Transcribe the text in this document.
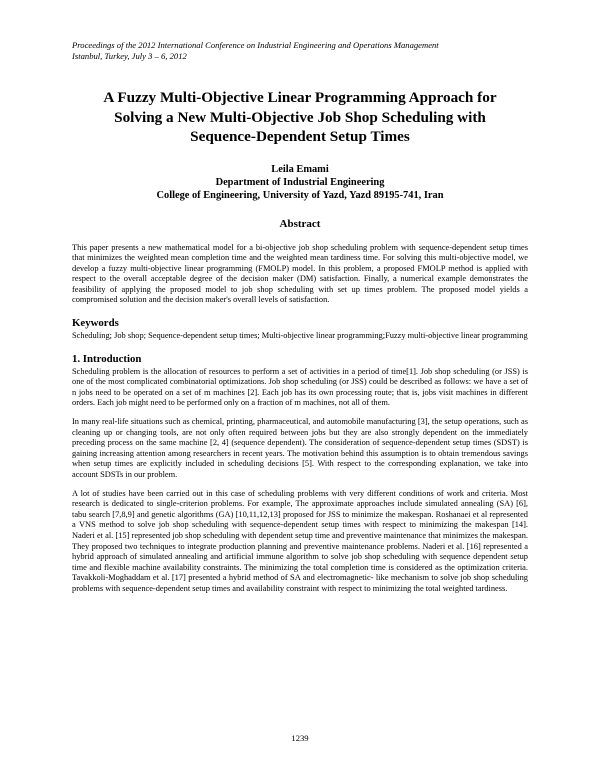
Proceedings of the 2012 International Conference on Industrial Engineering and Operations Management
Istanbul, Turkey, July 3 – 6, 2012
A Fuzzy Multi-Objective Linear Programming Approach for Solving a New Multi-Objective Job Shop Scheduling with Sequence-Dependent Setup Times
Leila Emami
Department of Industrial Engineering
College of Engineering, University of Yazd, Yazd 89195-741, Iran
Abstract

This paper presents a new mathematical model for a bi-objective job shop scheduling problem with sequence-dependent setup times that minimizes the weighted mean completion time and the weighted mean tardiness time. For solving this multi-objective model, we develop a fuzzy multi-objective linear programming (FMOLP) model. In this problem, a proposed FMOLP method is applied with respect to the overall acceptable degree of the decision maker (DM) satisfaction. Finally, a numerical example demonstrates the feasibility of applying the proposed model to job shop scheduling with set up times problem. The proposed model yields a compromised solution and the decision maker's overall levels of satisfaction.

Keywords

Scheduling; Job shop; Sequence-dependent setup times; Multi-objective linear programming;Fuzzy multi-objective linear programming

1. Introduction

Scheduling problem is the allocation of resources to perform a set of activities in a period of time[1]. Job shop scheduling (or JSS) is one of the most complicated combinatorial optimizations. Job shop scheduling (or JSS) could be described as follows: we have a set of n jobs need to be operated on a set of m machines [2]. Each job has its own processing route; that is, jobs visit machines in different orders. Each job might need to be performed only on a fraction of m machines, not all of them.

In many real-life situations such as chemical, printing, pharmaceutical, and automobile manufacturing [3], the setup operations, such as cleaning up or changing tools, are not only often required between jobs but they are also strongly dependent on the immediately preceding process on the same machine [2, 4] (sequence dependent). The consideration of sequence-dependent setup times (SDST) is gaining increasing attention among researchers in recent years. The motivation behind this assumption is to obtain tremendous savings when setup times are explicitly included in scheduling decisions [5]. With respect to the corresponding explanation, we take into account SDSTs in our problem.

A lot of studies have been carried out in this case of scheduling problems with very different conditions of work and criteria. Most research is dedicated to single-criterion problems. For example, The approximate approaches include simulated annealing (SA) [6], tabu search [7,8,9] and genetic algorithms (GA) [10,11,12,13] proposed for JSS to minimize the makespan. Roshanaei et al represented a VNS method to solve job shop scheduling with sequence-dependent setup times with respect to minimizing the makespan [14]. Naderi et al. [15] represented job shop scheduling with dependent setup time and preventive maintenance that minimizes the makespan. They proposed two techniques to integrate production planning and preventive maintenance problems. Naderi et al. [16] represented a hybrid approach of simulated annealing and artificial immune algorithm to solve job shop scheduling with sequence dependent setup time and flexible machine availability constraints. The minimizing the total completion time is considered as the optimization criteria. Tavakkoli-Moghaddam et al. [17] presented a hybrid method of SA and electromagnetic- like mechanism to solve job shop scheduling problems with sequence-dependent setup times and availability constraint with respect to minimizing the total weighted tardiness.

1239
